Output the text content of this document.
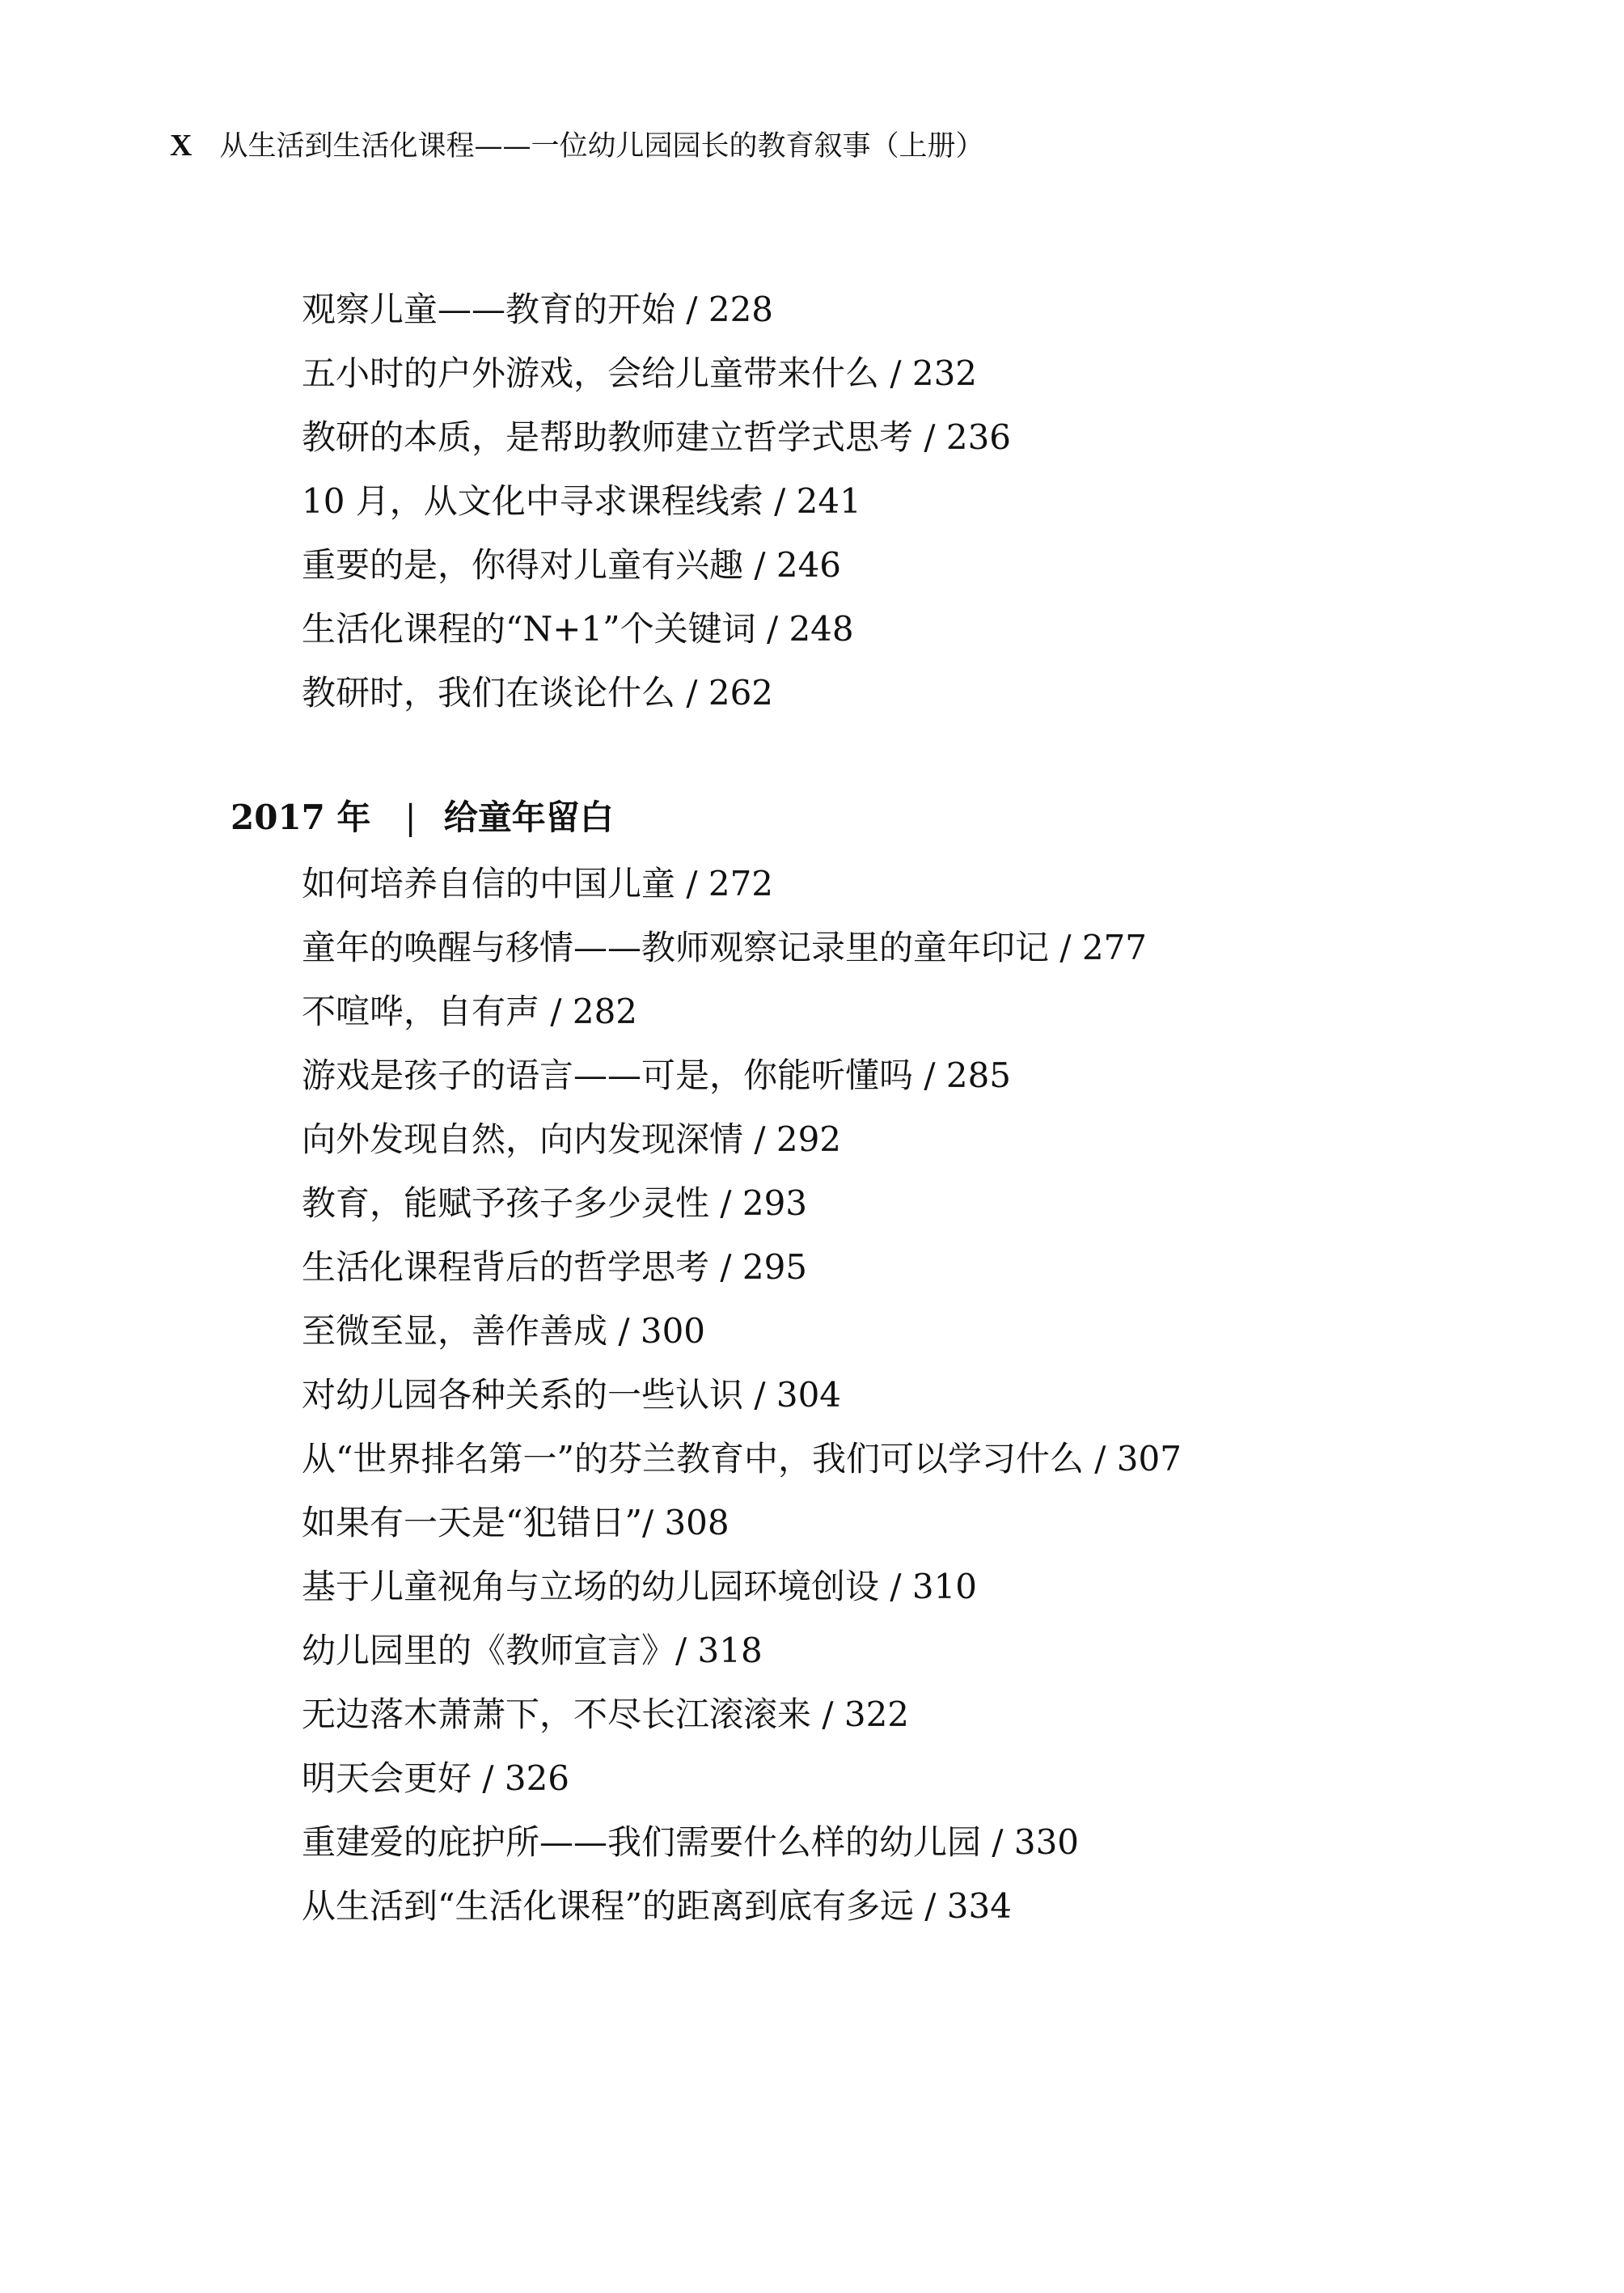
X 从生活到生活化课程——一位幼儿园园长的教育叙事（上册）
观察儿童——教育的开始 / 228
五小时的户外游戏，会给儿童带来什么 / 232
教研的本质，是帮助教师建立哲学式思考 / 236
10 月，从文化中寻求课程线索 / 241
重要的是，你得对儿童有兴趣 / 246
生活化课程的“N+1”个关键词 / 248
教研时，我们在谈论什么 / 262
2017 年 | 给童年留白
如何培养自信的中国儿童 / 272
童年的唤醒与移情——教师观察记录里的童年印记 / 277
不喧哗，自有声 / 282
游戏是孩子的语言——可是，你能听懂吗 / 285
向外发现自然，向内发现深情 / 292
教育，能赋予孩子多少灵性 / 293
生活化课程背后的哲学思考 / 295
至微至显，善作善成 / 300
对幼儿园各种关系的一些认识 / 304
从“世界排名第一”的芬兰教育中，我们可以学习什么 / 307
如果有一天是“犯错日”/ 308
基于儿童视角与立场的幼儿园环境创设 / 310
幼儿园里的《教师宣言》/ 318
无边落木萧萧下，不尽长江滚滚来 / 322
明天会更好 / 326
重建爱的庇护所——我们需要什么样的幼儿园 / 330
从生活到“生活化课程”的距离到底有多远 / 334
